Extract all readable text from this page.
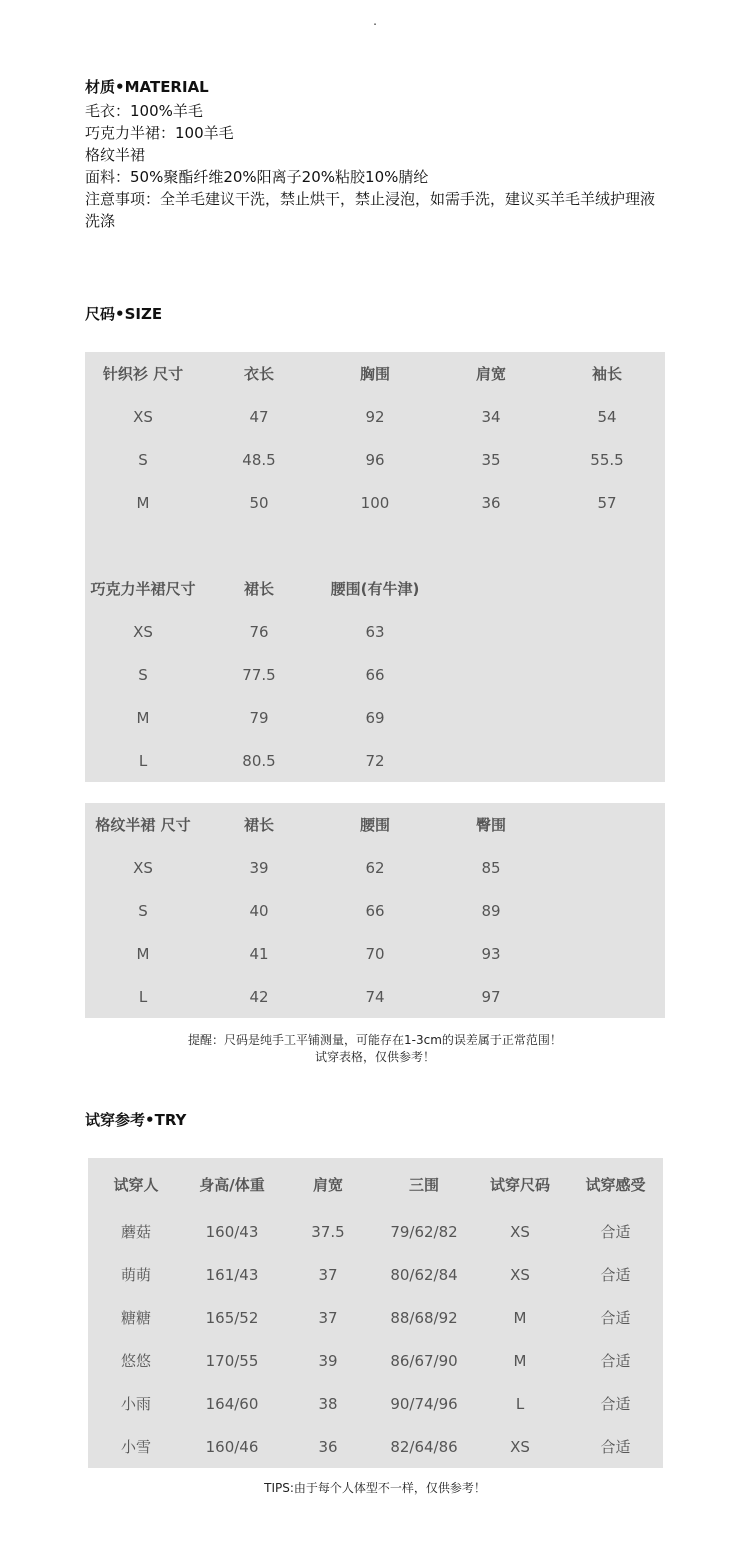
.
材质•MATERIAL
毛衣：100%羊毛
巧克力半裙：100羊毛
格纹半裙
面料：50%聚酯纤维20%阳离子20%粘胶10%腈纶
注意事项：全羊毛建议干洗，禁止烘干，禁止浸泡，如需手洗，建议买羊毛羊绒护理液洗涤
尺码•SIZE
针织衫 尺寸	衣长	胸围	肩宽	袖长
XS	47	92	34	54
S	48.5	96	35	55.5
M	50	100	36	57
巧克力半裙尺寸	裙长	腰围(有牛津)		
XS	76	63		
S	77.5	66		
M	79	69		
L	80.5	72		
格纹半裙 尺寸	裙长	腰围	臀围	
XS	39	62	85	
S	40	66	89	
M	41	70	93	
L	42	74	97	
提醒：尺码是纯手工平铺测量，可能存在1-3cm的误差属于正常范围！
试穿表格，仅供参考！
试穿参考•TRY
试穿人	身高/体重	肩宽	三围	试穿尺码	试穿感受
蘑菇	160/43	37.5	79/62/82	XS	合适
萌萌	161/43	37	80/62/84	XS	合适
糖糖	165/52	37	88/68/92	M	合适
悠悠	170/55	39	86/67/90	M	合适
小雨	164/60	38	90/74/96	L	合适
小雪	160/46	36	82/64/86	XS	合适
TIPS:由于每个人体型不一样，仅供参考！
